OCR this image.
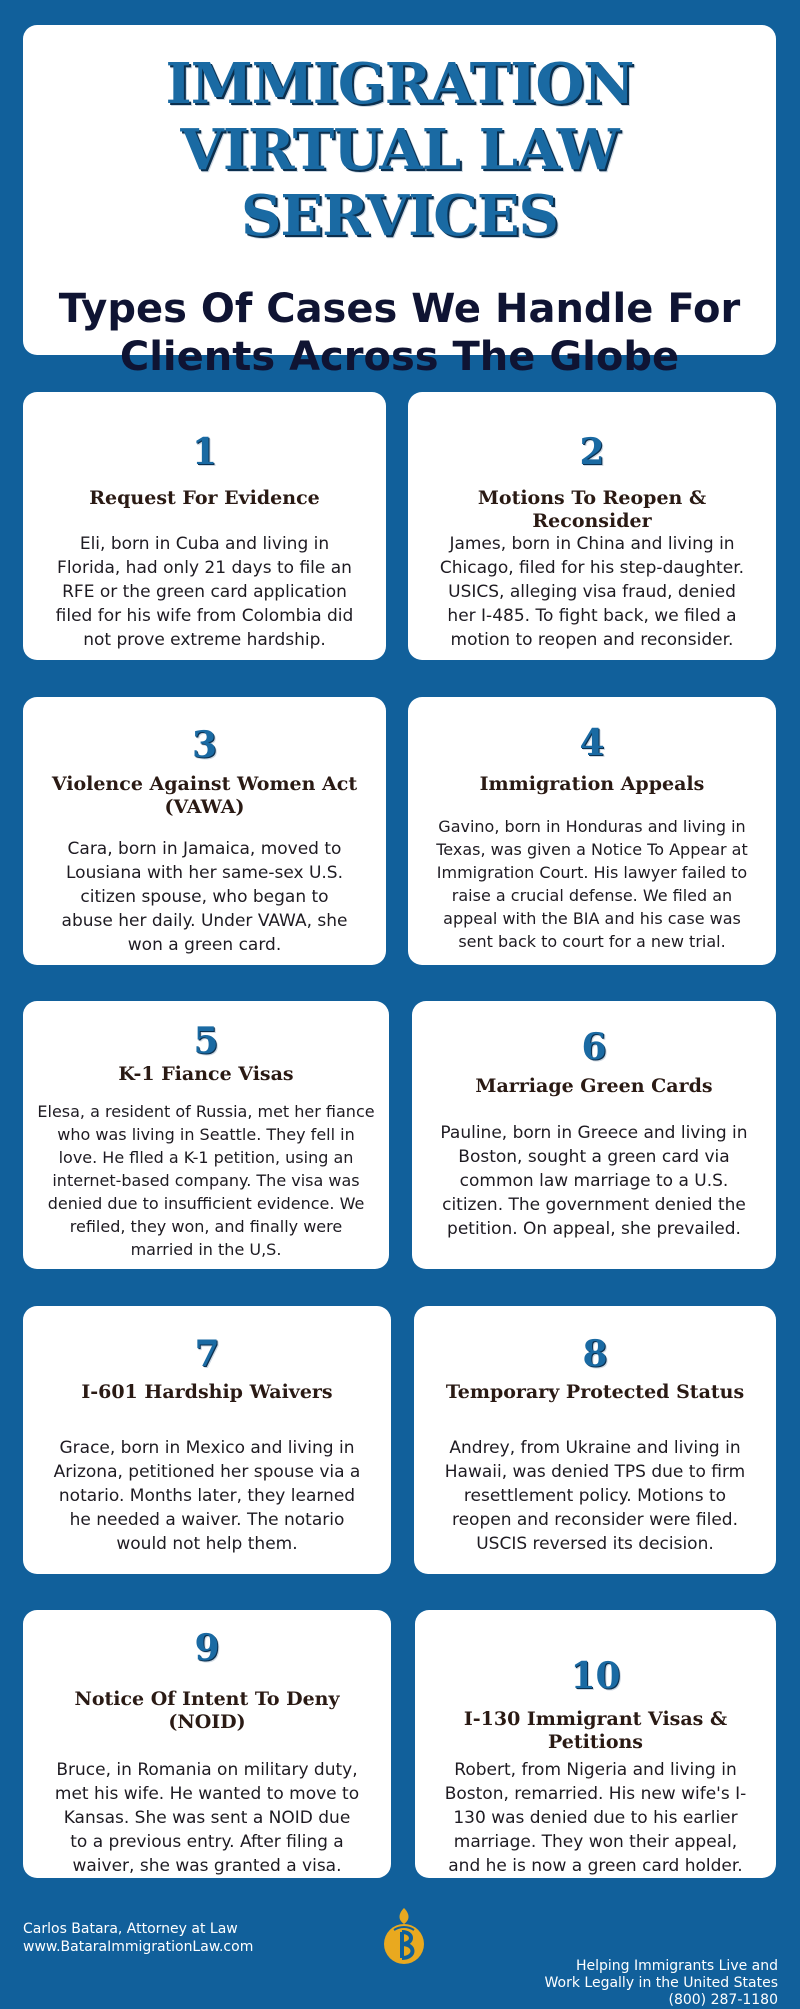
IMMIGRATION
VIRTUAL LAW SERVICES
Types Of Cases We Handle For
Clients Across The Globe
1
Request For Evidence
Eli, born in Cuba and living in
Florida, had only 21 days to file an
RFE or the green card application
filed for his wife from Colombia did
not prove extreme hardship.
2
Motions To Reopen & Reconsider
James, born in China and living in
Chicago, filed for his step-daughter.
USICS, alleging visa fraud, denied
her I-485. To fight back, we filed a
motion to reopen and reconsider.
3
Violence Against Women Act
(VAWA)
Cara, born in Jamaica, moved to
Lousiana with her same-sex U.S.
citizen spouse, who began to
abuse her daily. Under VAWA, she
won a green card.
4
Immigration Appeals
Gavino, born in Honduras and living in
Texas, was given a Notice To Appear at
Immigration Court. His lawyer failed to
raise a crucial defense. We filed an
appeal with the BIA and his case was
sent back to court for a new trial.
5
K-1 Fiance Visas
Elesa, a resident of Russia, met her fiance
who was living in Seattle. They fell in
love. He flled a K-1 petition, using an
internet-based company. The visa was
denied due to insufficient evidence. We
refiled, they won, and finally were
married in the U,S.
6
Marriage Green Cards
Pauline, born in Greece and living in
Boston, sought a green card via
common law marriage to a U.S.
citizen. The government denied the
petition. On appeal, she prevailed.
7
I-601 Hardship Waivers
Grace, born in Mexico and living in
Arizona, petitioned her spouse via a
notario. Months later, they learned
he needed a waiver. The notario
would not help them.
8
Temporary Protected Status
Andrey, from Ukraine and living in
Hawaii, was denied TPS due to firm
resettlement policy. Motions to
reopen and reconsider were filed.
USCIS reversed its decision.
9
Notice Of Intent To Deny
(NOID)
Bruce, in Romania on military duty,
met his wife. He wanted to move to
Kansas. She was sent a NOID due
to a previous entry. After filing a
waiver, she was granted a visa.
10
I-130 Immigrant Visas &
Petitions
Robert, from Nigeria and living in
Boston, remarried. His new wife's I-
130 was denied due to his earlier
marriage. They won their appeal,
and he is now a green card holder.
Carlos Batara, Attorney at Law
www.BataraImmigrationLaw.com
Helping Immigrants Live and
Work Legally in the United States
(800) 287-1180
